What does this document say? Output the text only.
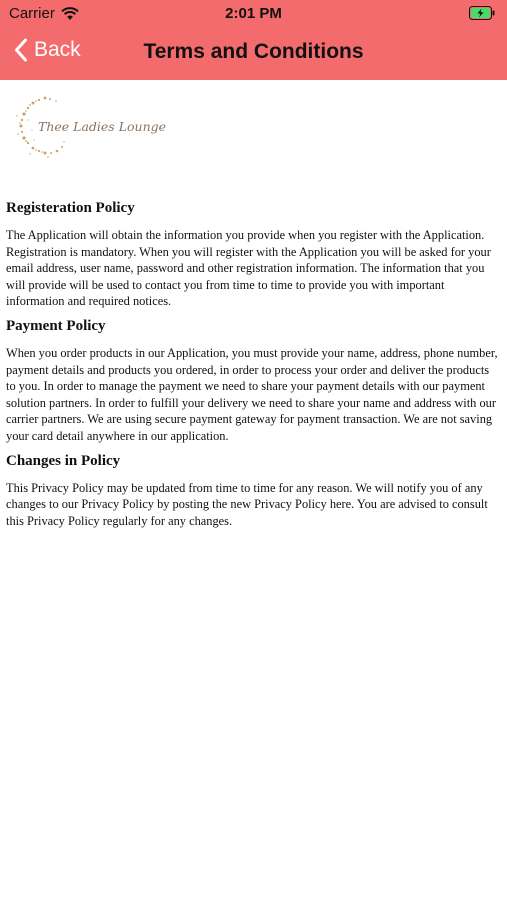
Carrier	2:01 PM
Back	Terms and Conditions
Thee Ladies Lounge
Registeration Policy

The Application will obtain the information you provide when you register with the Application. Registration is mandatory. When you will register with the Application you will be asked for your email address, user name, password and other registration information. The information that you will provide will be used to contact you from time to time to provide you with important information and required notices.

Payment Policy

When you order products in our Application, you must provide your name, address, phone number, payment details and products you ordered, in order to process your order and deliver the products to you. In order to manage the payment we need to share your payment details with our payment solution partners. In order to fulfill your delivery we need to share your name and address with our carrier partners. We are using secure payment gateway for payment transaction. We are not saving your card detail anywhere in our application.

Changes in Policy

This Privacy Policy may be updated from time to time for any reason. We will notify you of any changes to our Privacy Policy by posting the new Privacy Policy here. You are advised to consult this Privacy Policy regularly for any changes.
